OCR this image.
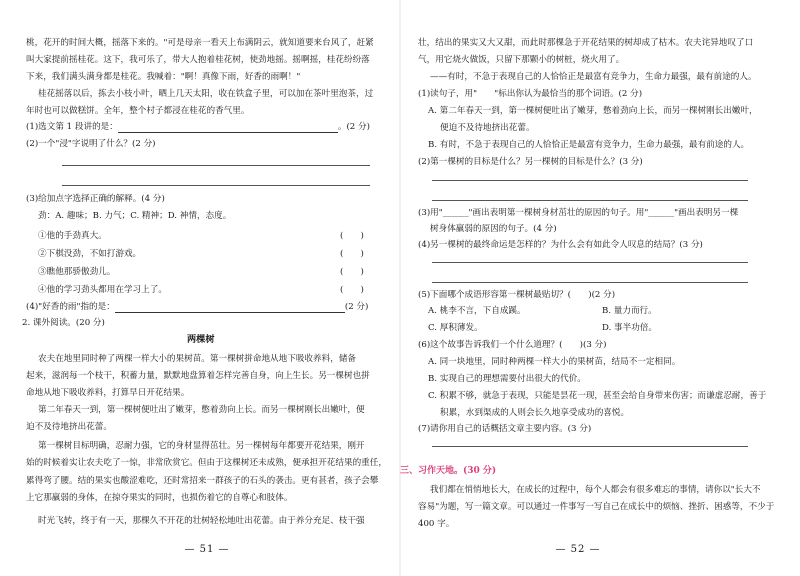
桃，花开的时间大概，摇落下来的。"可是母亲一看天上布满阴云，就知道要来台风了，赶紧
叫大家提前摇桂花。这下，我可乐了，带大人抱着桂花树，使劲地摇。摇啊摇，桂花纷纷落
下来，我们满头满身都是桂花。我喊着："啊！真像下雨，好香的雨啊！"
桂花摇落以后，拣去小枝小叶，晒上几天太阳，收在铁盒子里，可以加在茶叶里泡茶，过
年时也可以做糕饼。全年，整个村子都浸在桂花的香气里。
(1)选文第 1 段讲的是：	。(2 分)
(2)一个"浸"字说明了什么？(2 分)
(3)给加点字选择正确的解释。(4 分)
劲：A. 趣味；B. 力气；C. 精神；D. 神情，态度。
①他的手劲真大。	(　　)
②下棋没劲，不如打游戏。	(　　)
③瞧他那骄傲劲儿。	(　　)
④他的学习劲头都用在学习上了。	(　　)
(4)"好香的雨"指的是：	(2 分)
2. 课外阅读。(20 分)
两棵树
农夫在地里同时种了两棵一样大小的果树苗。第一棵树拼命地从地下吸收养料，储备
起来，滋润每一个枝干，积蓄力量，默默地盘算着怎样完善自身，向上生长。另一棵树也拼
命地从地下吸收养料，打算早日开花结果。
第二年春天一到，第一棵树便吐出了嫩芽，憋着劲向上长。而另一棵树刚长出嫩叶，便
迫不及待地挤出花蕾。
第一棵树目标明确，忍耐力强，它的身材显得茁壮。另一棵树每年都要开花结果，刚开
始的时候着实让农夫吃了一惊，非常欣赏它。但由于这棵树还未成熟，便承担开花结果的重任，
累得弯了腰。结的果实也酸涩难吃，还时常招来一群孩子的石头的袭击。更有甚者，孩子会攀
上它那羸弱的身体，在掠夺果实的同时，也损伤着它的自尊心和肢体。
时光飞转，终于有一天，那棵久不开花的壮树轻松地吐出花蕾。由于养分充足、枝干强
— 51 —
壮，结出的果实又大又甜，而此时那棵急于开花结果的树却成了枯木。农夫诧异地叹了口
气，用它烧火做饭，只留下那颗小的树桩，烧火用了。
——有时，不急于表现自己的人恰恰正是最富有竞争力，生命力最强，最有前途的人。
(1)读句子，用"　　"标出你认为最恰当的那个词语。(2 分)
A. 第二年春天一到，第一棵树便吐出了嫩芽，憋着劲向上长，而另一棵树刚长出嫩叶，
便迫不及待地挤出花蕾。
B. 有时，不急于表现自己的人恰恰正是最富有竞争力，生命力最强，最有前途的人。
(2)第一棵树的目标是什么？另一棵树的目标是什么？(3 分)
(3)用"______"画出表明第一棵树身材茁壮的原因的句子。用"______"画出表明另一棵
树身体羸弱的原因的句子。(4 分)
(4)另一棵树的最终命运是怎样的？为什么会有如此令人叹息的结局？(3 分)
(5)下面哪个成语形容第一棵树最贴切？(　　)(2 分)
A. 桃李不言，下自成蹊。	B. 量力而行。
C. 厚积薄发。	D. 事半功倍。
(6)这个故事告诉我们一个什么道理？(　　)(3 分)
A. 同一块地里，同时种两棵一样大小的果树苗，结局不一定相同。
B. 实现自己的理想需要付出很大的代价。
C. 积累不够，就急于表现，只能是昙花一现，甚至会给自身带来伤害；而谦虚忍耐，善于
积累，水到渠成的人则会长久地享受成功的喜悦。
(7)请你用自己的话概括文章主要内容。(3 分)
三、习作天地。(30 分)
我们都在悄悄地长大，在成长的过程中，每个人都会有很多难忘的事情，请你以"长大不
容易"为题，写一篇文章。可以通过一件事写一写自己在成长中的烦恼、挫折、困惑等，不少于
400 字。
— 52 —
